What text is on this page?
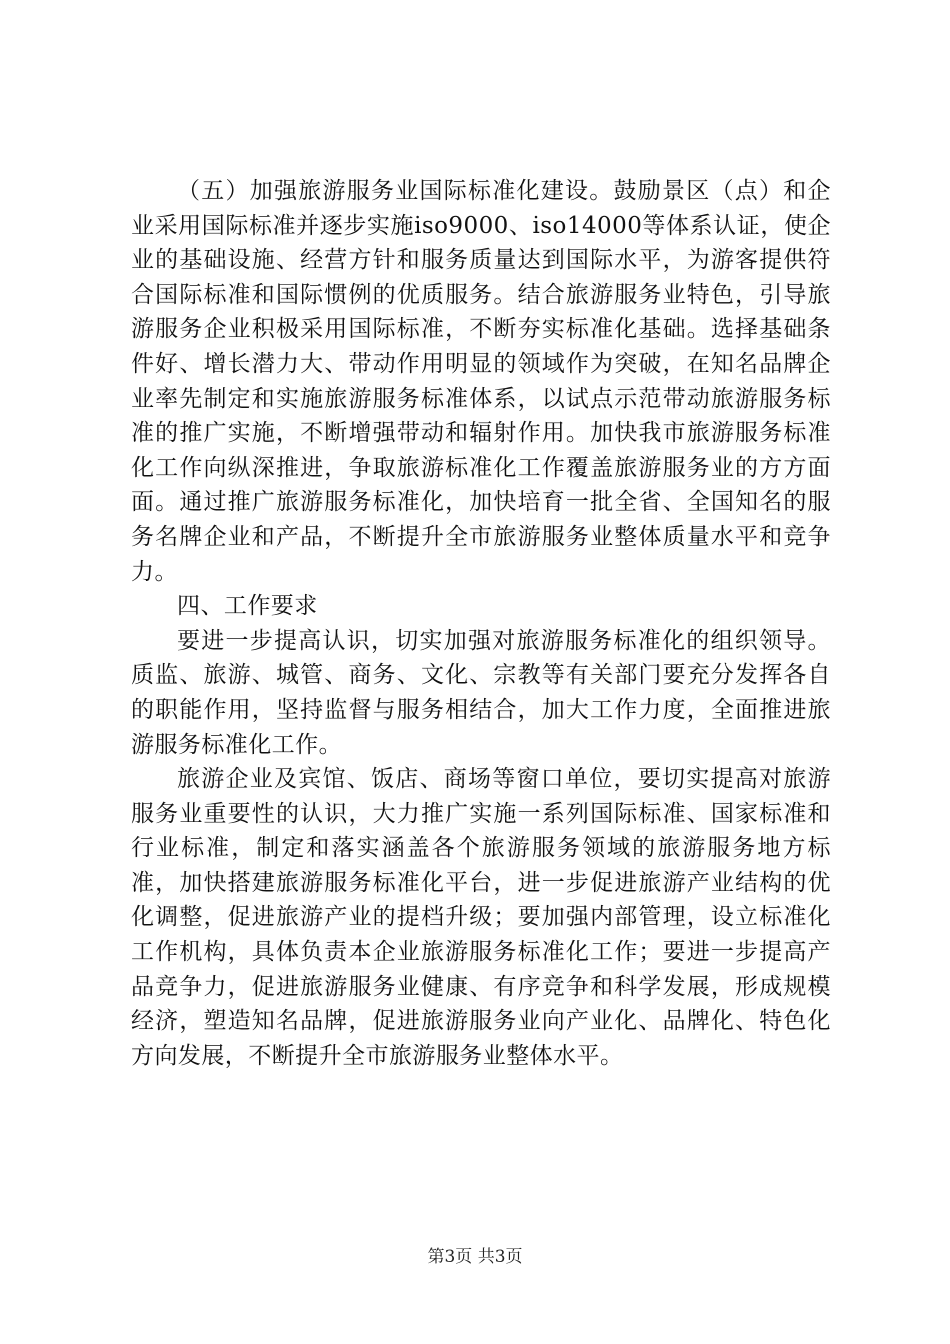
（五）加强旅游服务业国际标准化建设。鼓励景区（点）和企业采用国际标准并逐步实施iso9000、iso14000等体系认证，使企业的基础设施、经营方针和服务质量达到国际水平，为游客提供符合国际标准和国际惯例的优质服务。结合旅游服务业特色，引导旅游服务企业积极采用国际标准，不断夯实标准化基础。选择基础条件好、增长潜力大、带动作用明显的领域作为突破，在知名品牌企业率先制定和实施旅游服务标准体系，以试点示范带动旅游服务标准的推广实施，不断增强带动和辐射作用。加快我市旅游服务标准化工作向纵深推进，争取旅游标准化工作覆盖旅游服务业的方方面面。通过推广旅游服务标准化，加快培育一批全省、全国知名的服务名牌企业和产品，不断提升全市旅游服务业整体质量水平和竞争力。

四、工作要求

要进一步提高认识，切实加强对旅游服务标准化的组织领导。质监、旅游、城管、商务、文化、宗教等有关部门要充分发挥各自的职能作用，坚持监督与服务相结合，加大工作力度，全面推进旅游服务标准化工作。

旅游企业及宾馆、饭店、商场等窗口单位，要切实提高对旅游服务业重要性的认识，大力推广实施一系列国际标准、国家标准和行业标准，制定和落实涵盖各个旅游服务领域的旅游服务地方标准，加快搭建旅游服务标准化平台，进一步促进旅游产业结构的优化调整，促进旅游产业的提档升级；要加强内部管理，设立标准化工作机构，具体负责本企业旅游服务标准化工作；要进一步提高产品竞争力，促进旅游服务业健康、有序竞争和科学发展，形成规模经济，塑造知名品牌，促进旅游服务业向产业化、品牌化、特色化方向发展，不断提升全市旅游服务业整体水平。

第3页 共3页
